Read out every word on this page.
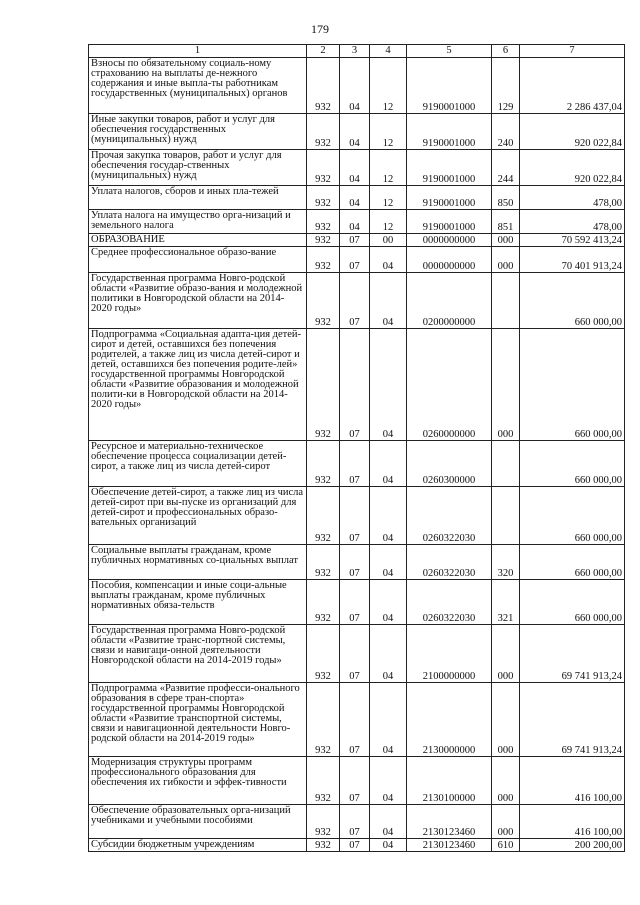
179
1	2	3	4	5	6	7
Взносы по обязательному социаль-ному страхованию на выплаты де-нежного содержания и иные выпла-ты работникам государственных (муниципальных) органов	932	04	12	9190001000	129	2 286 437,04
Иные закупки товаров, работ и услуг для обеспечения государственных (муниципальных) нужд	932	04	12	9190001000	240	920 022,84
Прочая закупка товаров, работ и услуг для обеспечения государ-ственных (муниципальных) нужд	932	04	12	9190001000	244	920 022,84
Уплата налогов, сборов и иных пла-тежей	932	04	12	9190001000	850	478,00
Уплата налога на имущество орга-низаций и земельного налога	932	04	12	9190001000	851	478,00
ОБРАЗОВАНИЕ	932	07	00	0000000000	000	70 592 413,24
Среднее профессиональное образо-вание	932	07	04	0000000000	000	70 401 913,24
Государственная программа Новго-родской области «Развитие образо-вания и молодежной политики в Новгородской области на 2014-2020 годы»	932	07	04	0200000000		660 000,00
Подпрограмма «Социальная адапта-ция детей-сирот и детей, оставшихся без попечения родителей, а также лиц из числа детей-сирот и детей, оставшихся без попечения родите-лей» государственной программы Новгородской области «Развитие образования и молодежной полити-ки в Новгородской области на 2014-2020 годы»	932	07	04	0260000000	000	660 000,00
Ресурсное и материально-техническое обеспечение процесса социализации детей-сирот, а также лиц из числа детей-сирот	932	07	04	0260300000		660 000,00
Обеспечение детей-сирот, а также лиц из числа детей-сирот при вы-пуске из организаций для детей-сирот и профессиональных образо-вательных организаций	932	07	04	0260322030		660 000,00
Социальные выплаты гражданам, кроме публичных нормативных со-циальных выплат	932	07	04	0260322030	320	660 000,00
Пособия, компенсации и иные соци-альные выплаты гражданам, кроме публичных нормативных обяза-тельств	932	07	04	0260322030	321	660 000,00
Государственная программа Новго-родской области «Развитие транс-портной системы, связи и навигаци-онной деятельности Новгородской области на 2014-2019 годы»	932	07	04	2100000000	000	69 741 913,24
Подпрограмма «Развитие професси-онального образования в сфере тран-спорта» государственной программы Новгородской области «Развитие транспортной системы, связи и навигационной деятельности Новго-родской области на 2014-2019 годы»	932	07	04	2130000000	000	69 741 913,24
Модернизация структуры программ профессионального образования для обеспечения их гибкости и эффек-тивности	932	07	04	2130100000	000	416 100,00
Обеспечение образовательных орга-низаций учебниками и учебными пособиями	932	07	04	2130123460	000	416 100,00
Субсидии бюджетным учреждениям	932	07	04	2130123460	610	200 200,00
